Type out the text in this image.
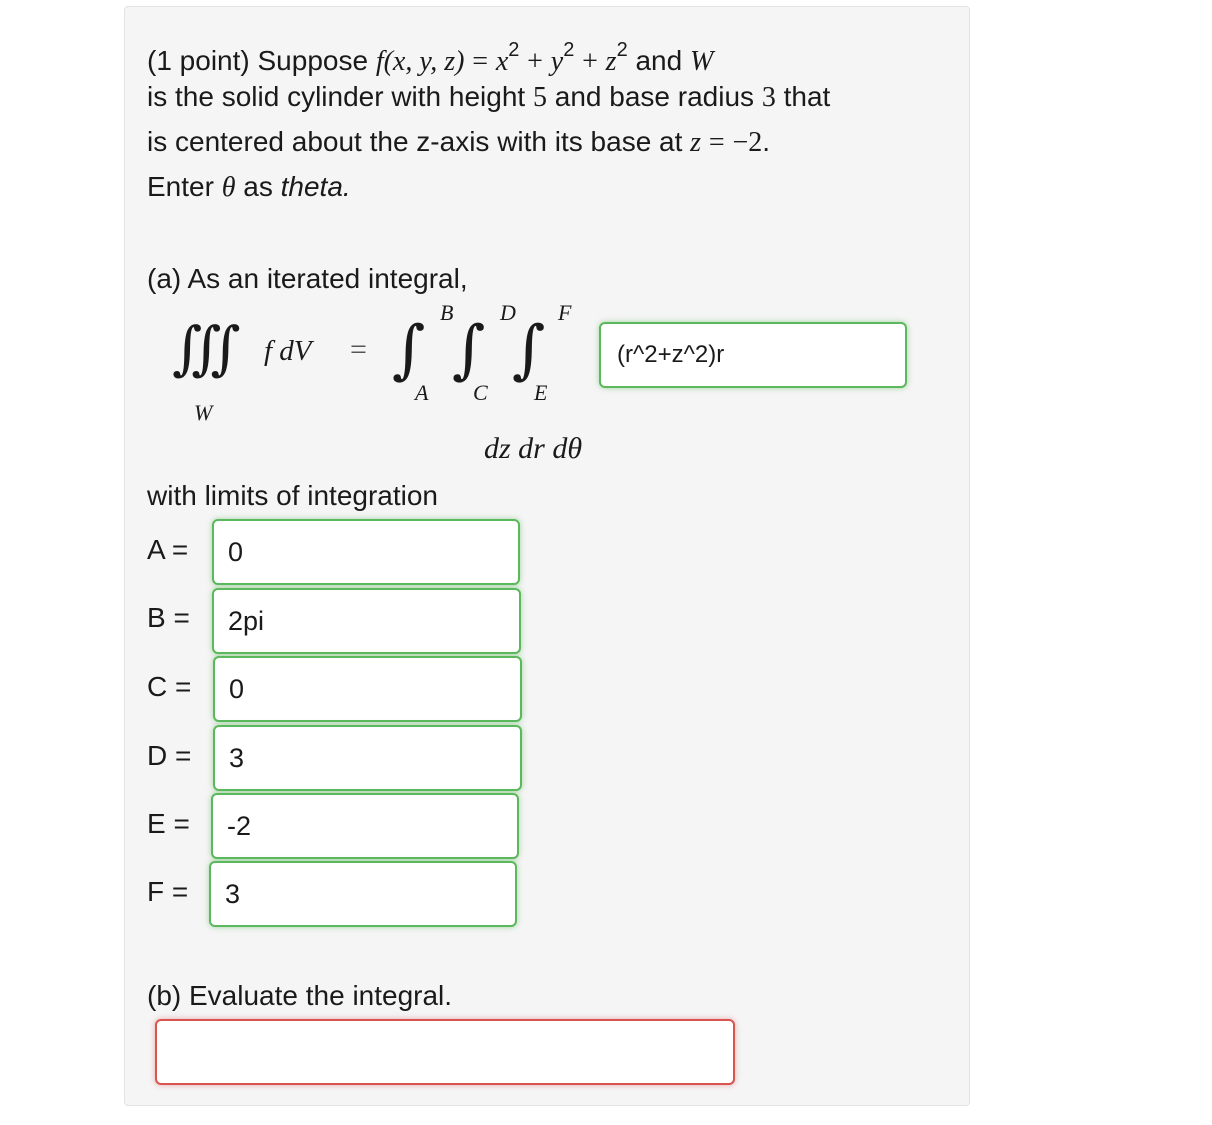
(1 point) Suppose f(x, y, $z) = x^2 + y^2 + z^2$ and W
is the solid cylinder with height 5 and base radius 3 that
is centered about the z-axis with its base at z = −2.
Enter θ as theta.
(a) As an iterated integral,
∭
W
f dV = ∫ ∫ ∫
B D F
A C E
(r^2+z^2)r
dz dr dθ
with limits of integration
A =	0
B =	2pi
C =	0
D =	3
E =	-2
F =	3
(b) Evaluate the integral.
